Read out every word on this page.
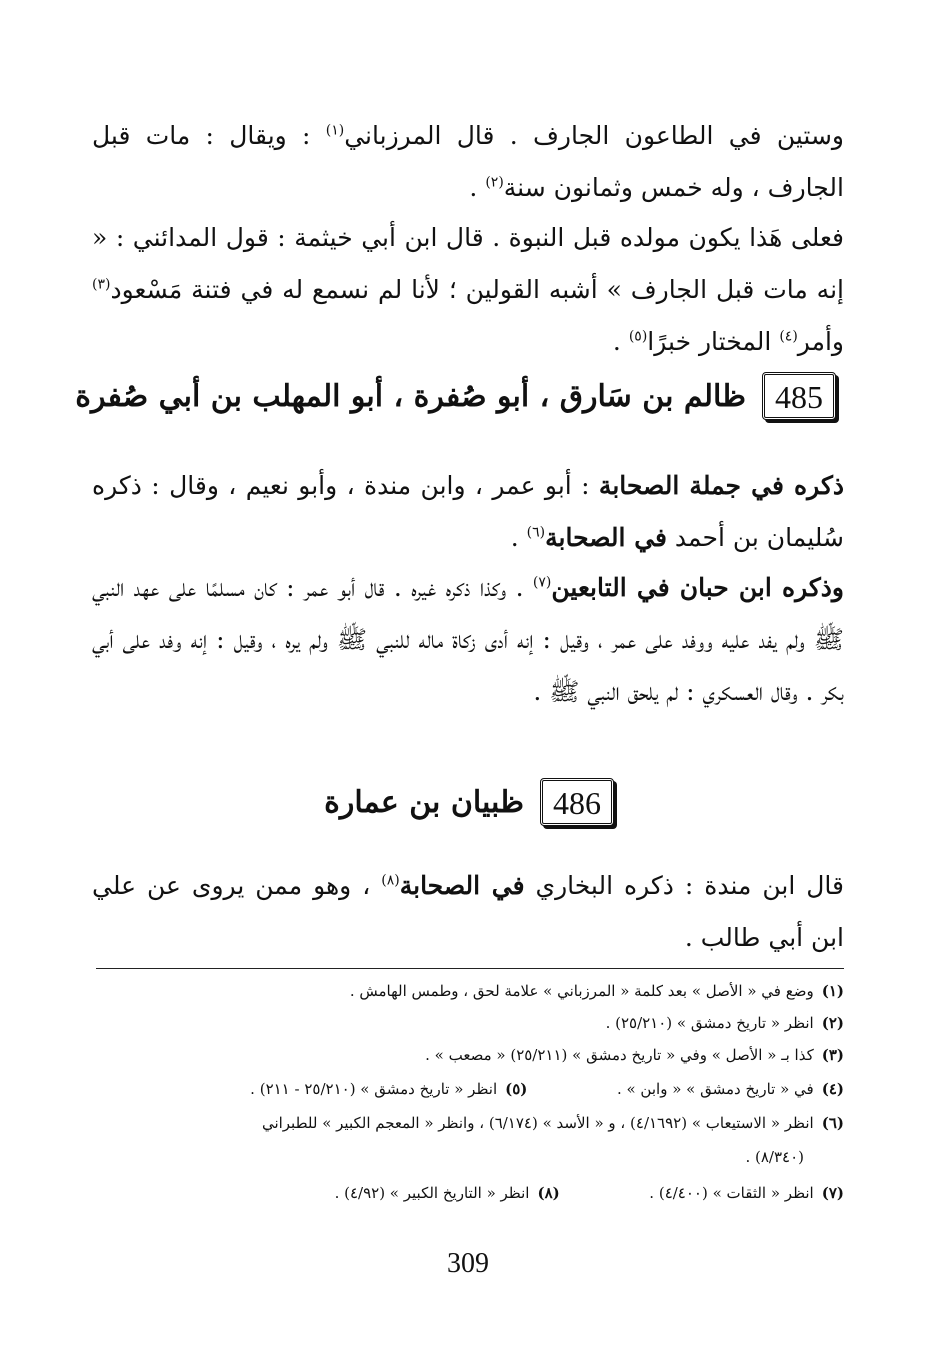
وستين في الطاعون الجارف . قال المرزباني$^{(١)}$ : ويقال : مات قبل الجارف ، وله خمس وثمانون سنة$^{(٢)}$ .

فعلى هَذا يكون مولده قبل النبوة . قال ابن أبي خيثمة : قول المدائني : « إنه مات قبل الجارف » أشبه القولين ؛ لأنا لم نسمع له في فتنة مَسْعود$^{(٣)}$ وأمر$^{(٤)}$ المختار خبرًا$^{(٥)}$ .

485
ظالم بن سَارق ، أبو صُفرة ، أبو المهلب بن أبي صُفرة

ذكره في جملة الصحابة : أبو عمر ، وابن مندة ، وأبو نعيم ، وقال : ذكره سُليمان بن أحمد في الصحابة$^{(٦)}$ .

وذكره ابن حبان في التابعين$^{(٧)}$ . وكذا ذكره غيره . قال أبو عمر : كان مسلمًا على عهد النبي ﷺ ولم يفد عليه ووفد على عمر ، وقيل : إنه أدى زكاة ماله للنبي ﷺ ولم يره ، وقيل : إنه وفد على أبي بكر . وقال العسكري : لم يلحق النبي ﷺ .

486
ظبيان بن عمارة

قال ابن مندة : ذكره البخاري في الصحابة$^{(٨)}$ ، وهو ممن يروى عن علي ابن أبي طالب .

(١)وضع في « الأصل » بعد كلمة « المرزباني » علامة لحق ، وطمس الهامش .
(٢)انظر « تاريخ دمشق » (٢٥/٢١٠) .
(٣)كذا بـ « الأصل » وفي « تاريخ دمشق » (٢٥/٢١١) « مصعب » .
(٤)في « تاريخ دمشق » « وابن » .  (٥)انظر « تاريخ دمشق » (٢٥/٢١٠ - ٢١١) .
(٦)انظر « الاستيعاب » (٤/١٦٩٢) ، و « الأسد » (٦/١٧٤) ، وانظر « المعجم الكبير » للطبراني
(٨/٣٤٠) .
(٧)انظر « الثقات » (٤/٤٠٠) .  (٨)انظر « التاريخ الكبير » (٤/٩٢) .
309
